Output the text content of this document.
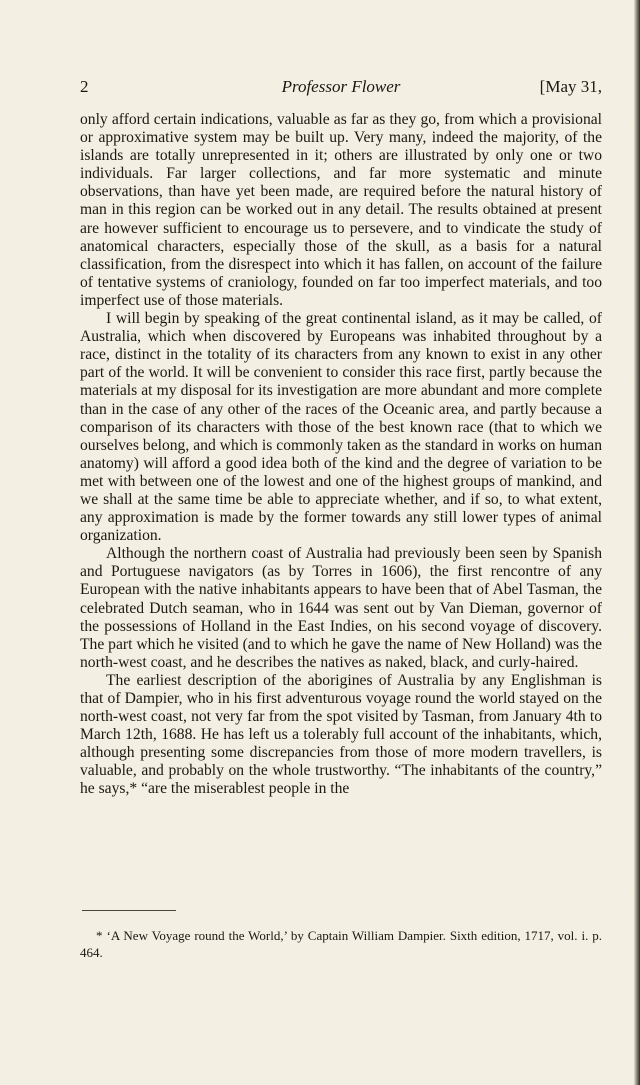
2	Professor Flower	[May 31,

only afford certain indications, valuable as far as they go, from which a provisional or approximative system may be built up. Very many, indeed the majority, of the islands are totally unrepresented in it; others are illustrated by only one or two individuals. Far larger collections, and far more systematic and minute observations, than have yet been made, are required before the natural history of man in this region can be worked out in any detail. The results obtained at present are however sufficient to encourage us to persevere, and to vindicate the study of anatomical characters, especially those of the skull, as a basis for a natural classification, from the disrespect into which it has fallen, on account of the failure of tentative systems of craniology, founded on far too imperfect materials, and too imperfect use of those materials.

I will begin by speaking of the great continental island, as it may be called, of Australia, which when discovered by Europeans was inhabited throughout by a race, distinct in the totality of its characters from any known to exist in any other part of the world. It will be convenient to consider this race first, partly because the materials at my disposal for its investigation are more abundant and more complete than in the case of any other of the races of the Oceanic area, and partly because a comparison of its characters with those of the best known race (that to which we ourselves belong, and which is commonly taken as the standard in works on human anatomy) will afford a good idea both of the kind and the degree of variation to be met with between one of the lowest and one of the highest groups of mankind, and we shall at the same time be able to appreciate whether, and if so, to what extent, any approximation is made by the former towards any still lower types of animal organization.

Although the northern coast of Australia had previously been seen by Spanish and Portuguese navigators (as by Torres in 1606), the first rencontre of any European with the native inhabitants appears to have been that of Abel Tasman, the celebrated Dutch seaman, who in 1644 was sent out by Van Dieman, governor of the possessions of Holland in the East Indies, on his second voyage of discovery. The part which he visited (and to which he gave the name of New Holland) was the north-west coast, and he describes the natives as naked, black, and curly-haired.

The earliest description of the aborigines of Australia by any Englishman is that of Dampier, who in his first adventurous voyage round the world stayed on the north-west coast, not very far from the spot visited by Tasman, from January 4th to March 12th, 1688. He has left us a tolerably full account of the inhabitants, which, although presenting some discrepancies from those of more modern travellers, is valuable, and probably on the whole trustworthy. “The inhabitants of the country,” he says,* “are the miserablest people in the

* ‘A New Voyage round the World,’ by Captain William Dampier. Sixth edition, 1717, vol. i. p. 464.
